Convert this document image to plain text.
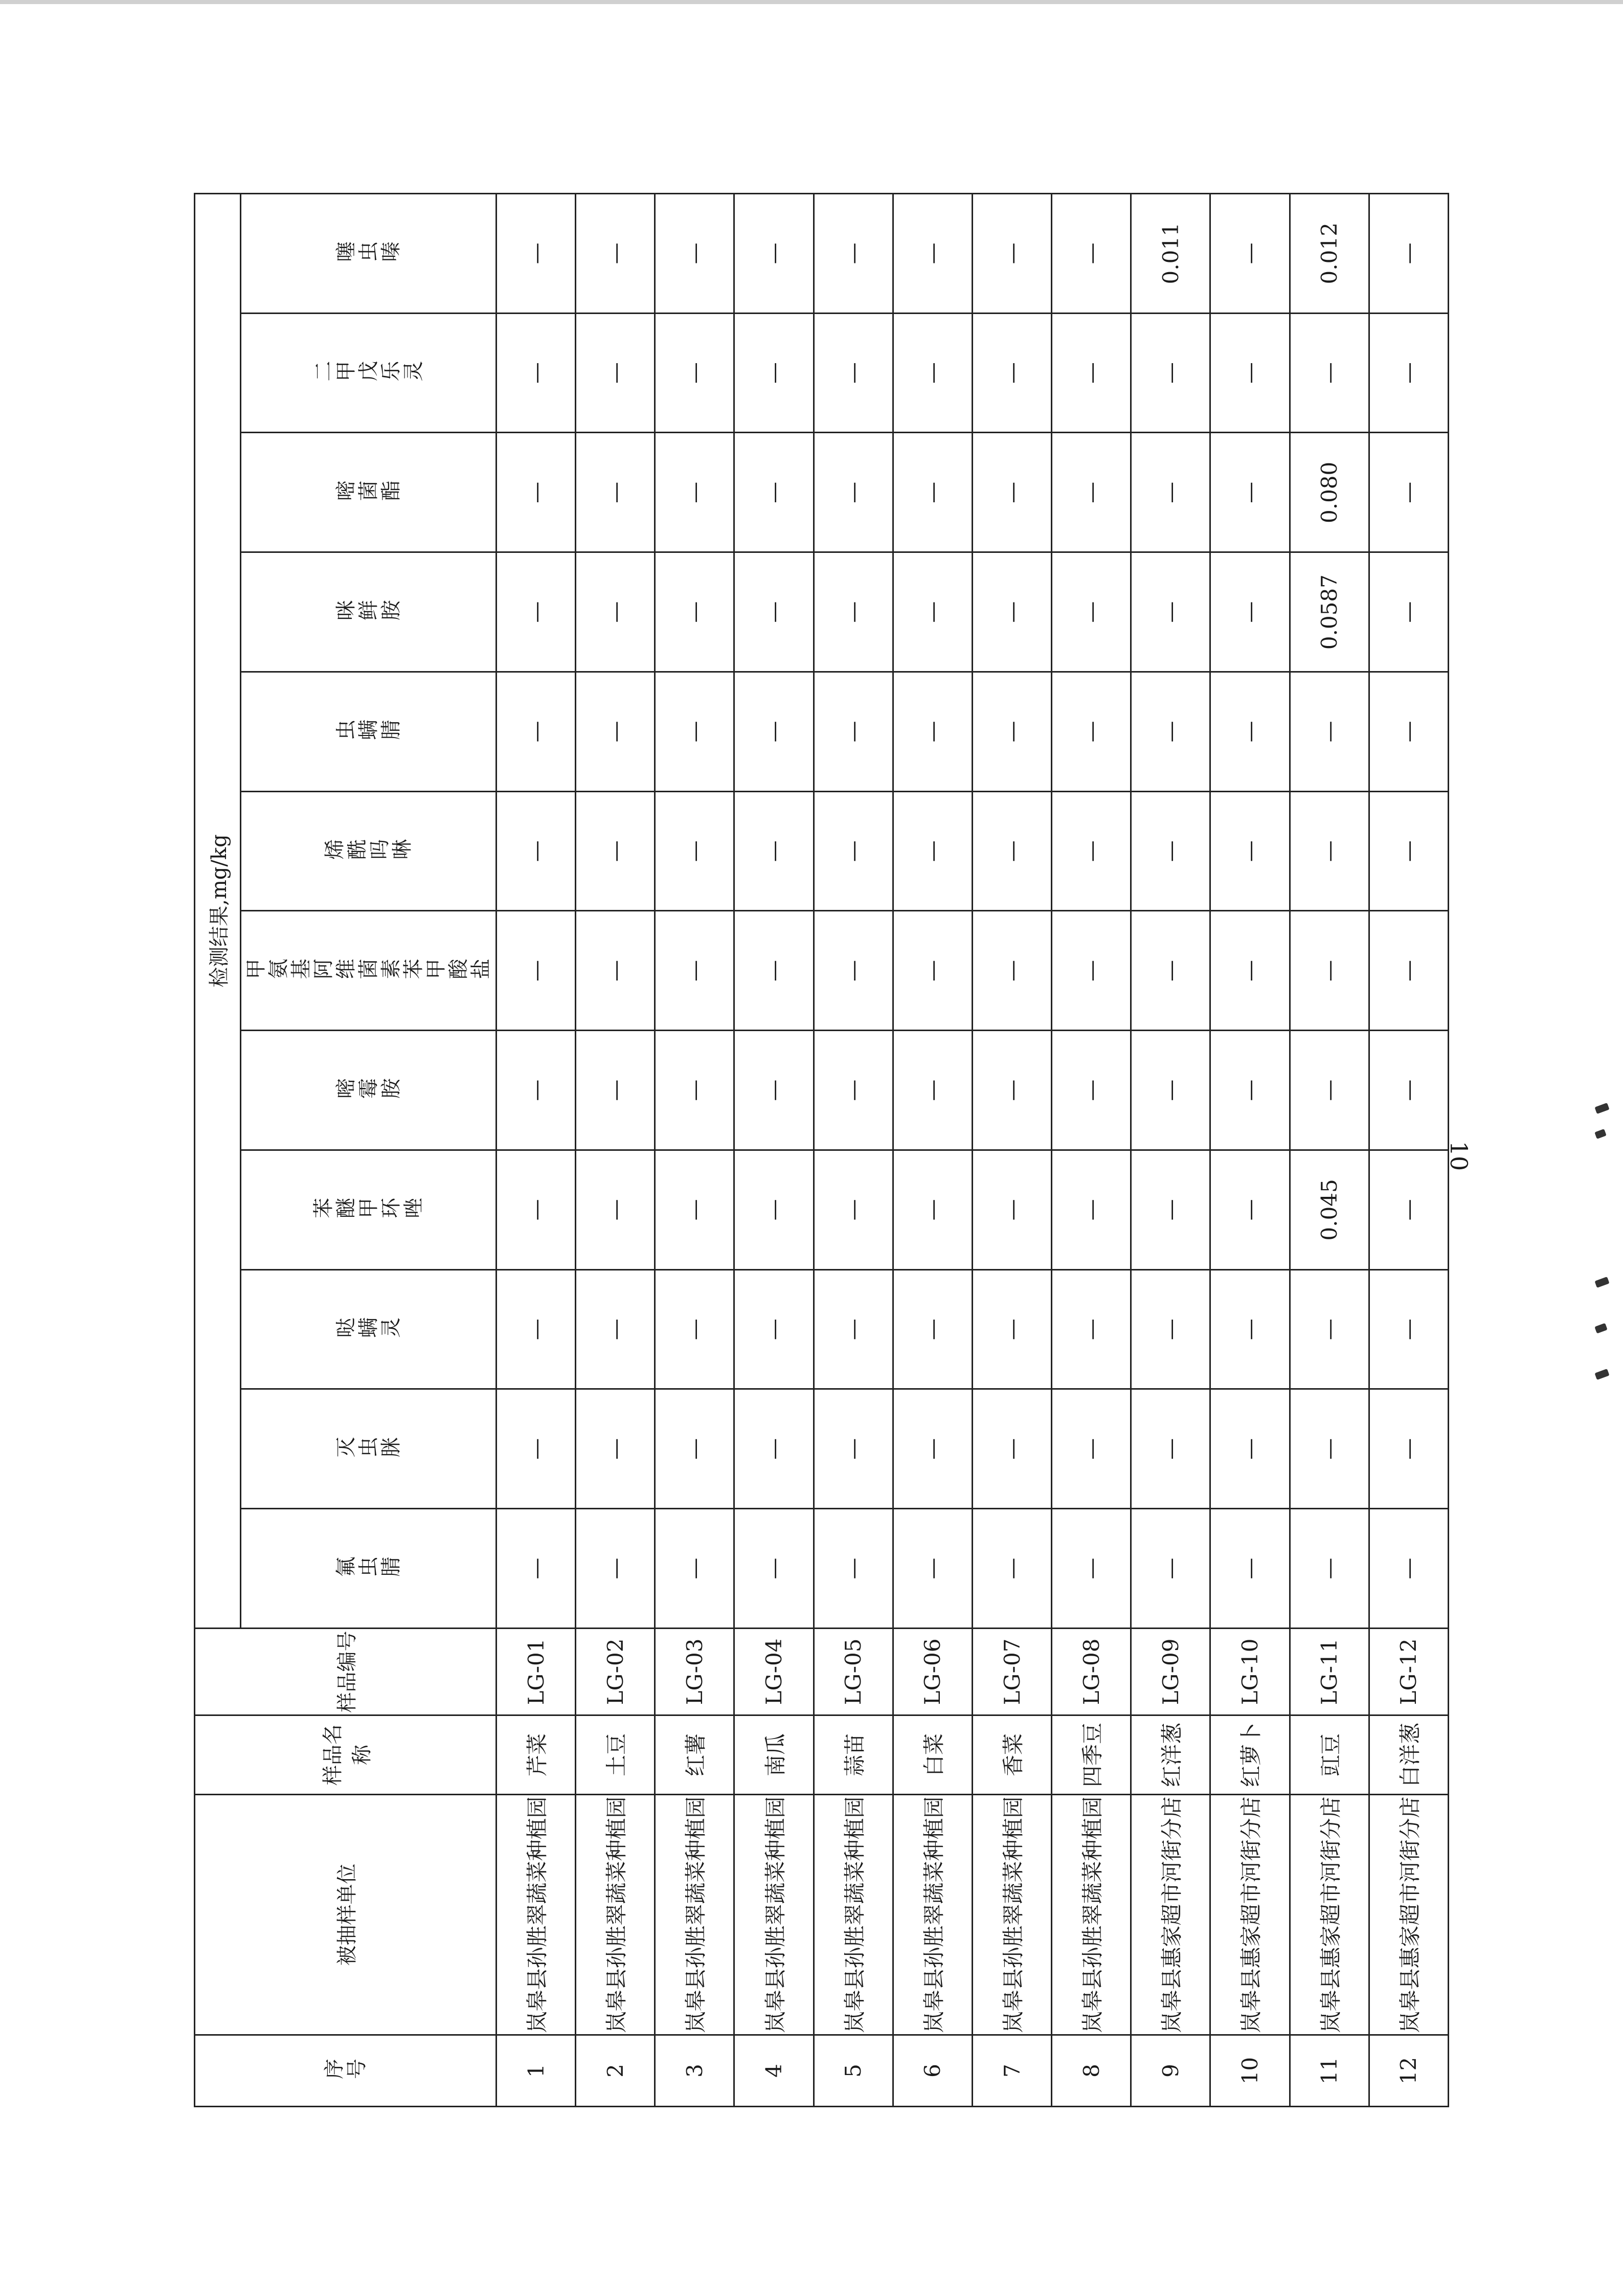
序号	被抽样单位	样品名称	样品编号	检测结果,mg/kg											

				氟虫腈	灭虫脒	哒螨灵	苯醚甲环唑	嘧霉胺	甲氨基阿维菌素苯甲酸盐	烯酰吗啉	虫螨腈	咪鲜胺	嘧菌酯	二甲戊乐灵	噻虫嗪

1	岚皋县孙胜翠蔬菜种植园	芹菜	LG-01	—	—	—	—	—	—	—	—	—	—	—	—
2	岚皋县孙胜翠蔬菜种植园	土豆	LG-02	—	—	—	—	—	—	—	—	—	—	—	—
3	岚皋县孙胜翠蔬菜种植园	红薯	LG-03	—	—	—	—	—	—	—	—	—	—	—	—
4	岚皋县孙胜翠蔬菜种植园	南瓜	LG-04	—	—	—	—	—	—	—	—	—	—	—	—
5	岚皋县孙胜翠蔬菜种植园	蒜苗	LG-05	—	—	—	—	—	—	—	—	—	—	—	—
6	岚皋县孙胜翠蔬菜种植园	白菜	LG-06	—	—	—	—	—	—	—	—	—	—	—	—
7	岚皋县孙胜翠蔬菜种植园	香菜	LG-07	—	—	—	—	—	—	—	—	—	—	—	—
8	岚皋县孙胜翠蔬菜种植园	四季豆	LG-08	—	—	—	—	—	—	—	—	—	—	—	—
9	岚皋县惠家超市河街分店	红洋葱	LG-09	—	—	—	—	—	—	—	—	—	—	—	0.011
10	岚皋县惠家超市河街分店	红萝卜	LG-10	—	—	—	—	—	—	—	—	—	—	—	—
11	岚皋县惠家超市河街分店	豇豆	LG-11	—	—	—	0.045	—	—	—	—	0.0587	0.080	—	0.012
12	岚皋县惠家超市河街分店	白洋葱	LG-12	—	—	—	—	—	—	—	—	—	—	—	—
10
